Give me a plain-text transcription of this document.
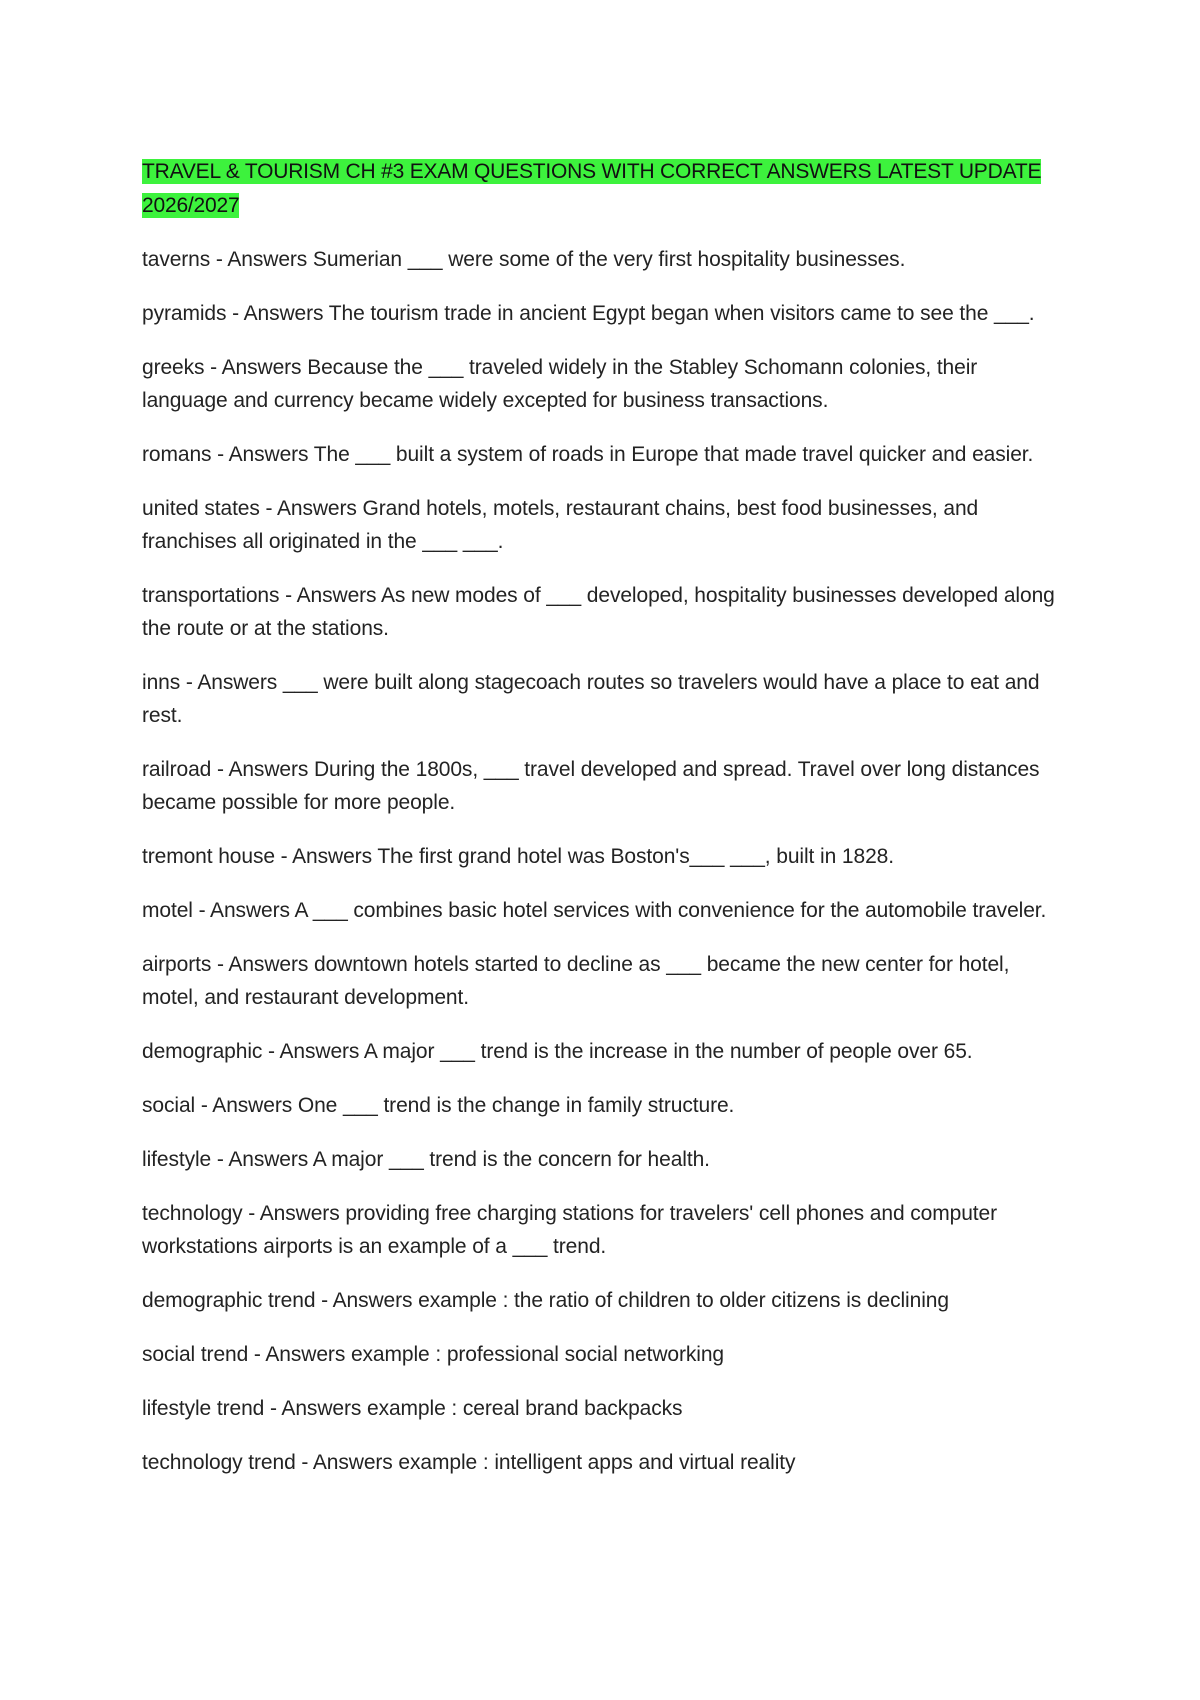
TRAVEL & TOURISM CH #3 EXAM QUESTIONS WITH CORRECT ANSWERS LATEST UPDATE 2026/2027

taverns - Answers Sumerian ___ were some of the very first hospitality businesses.

pyramids - Answers The tourism trade in ancient Egypt began when visitors came to see the ___.

greeks - Answers Because the ___ traveled widely in the Stabley Schomann colonies, their language and currency became widely excepted for business transactions.

romans - Answers The ___ built a system of roads in Europe that made travel quicker and easier.

united states - Answers Grand hotels, motels, restaurant chains, best food businesses, and franchises all originated in the ___ ___.

transportations - Answers As new modes of ___ developed, hospitality businesses developed along the route or at the stations.

inns - Answers ___ were built along stagecoach routes so travelers would have a place to eat and rest.

railroad - Answers During the 1800s, ___ travel developed and spread. Travel over long distances became possible for more people.

tremont house - Answers The first grand hotel was Boston's___ ___, built in 1828.

motel - Answers A ___ combines basic hotel services with convenience for the automobile traveler.

airports - Answers downtown hotels started to decline as ___ became the new center for hotel, motel, and restaurant development.

demographic - Answers A major ___ trend is the increase in the number of people over 65.

social - Answers One ___ trend is the change in family structure.

lifestyle - Answers A major ___ trend is the concern for health.

technology - Answers providing free charging stations for travelers' cell phones and computer workstations airports is an example of a ___ trend.

demographic trend - Answers example : the ratio of children to older citizens is declining

social trend - Answers example : professional social networking

lifestyle trend - Answers example : cereal brand backpacks

technology trend - Answers example : intelligent apps and virtual reality
